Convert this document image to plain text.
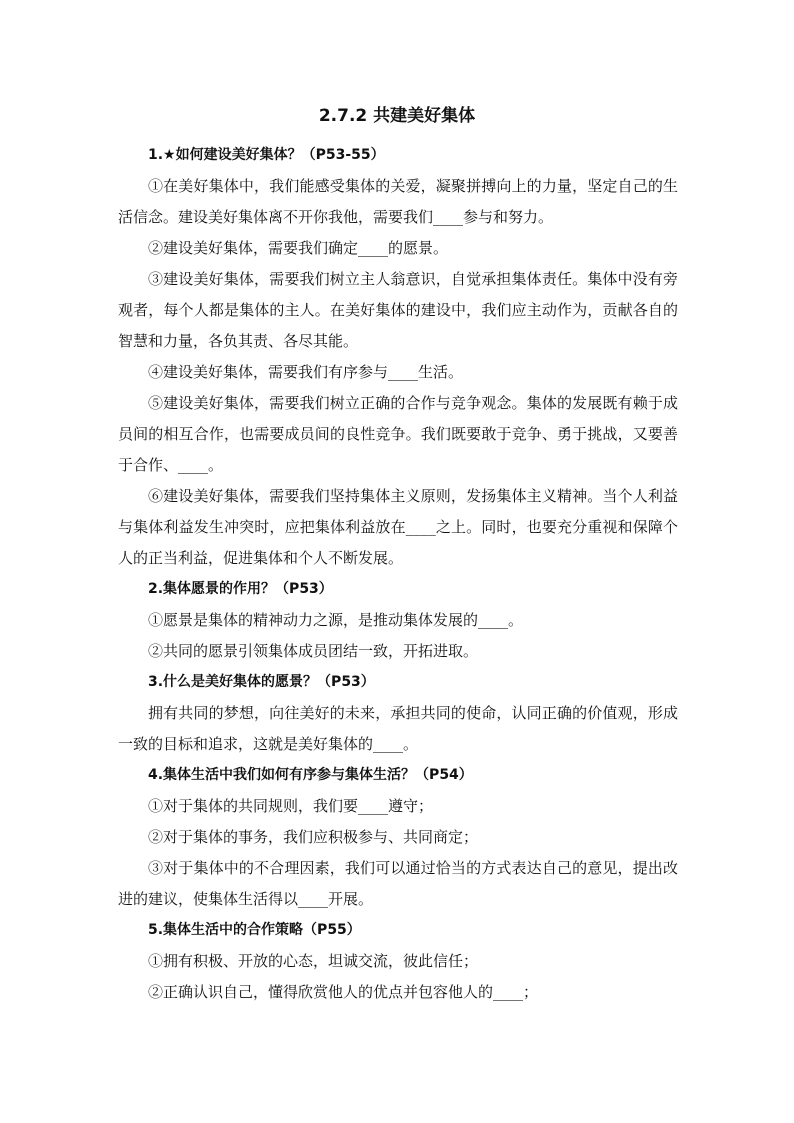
2.7.2 共建美好集体

1.★如何建设美好集体？（P53-55）

①在美好集体中，我们能感受集体的关爱，凝聚拼搏向上的力量，坚定自己的生活信念。建设美好集体离不开你我他，需要我们____参与和努力。

②建设美好集体，需要我们确定____的愿景。

③建设美好集体，需要我们树立主人翁意识，自觉承担集体责任。集体中没有旁观者，每个人都是集体的主人。在美好集体的建设中，我们应主动作为，贡献各自的智慧和力量，各负其责、各尽其能。

④建设美好集体，需要我们有序参与____生活。

⑤建设美好集体，需要我们树立正确的合作与竞争观念。集体的发展既有赖于成员间的相互合作，也需要成员间的良性竞争。我们既要敢于竞争、勇于挑战，又要善于合作、____。

⑥建设美好集体，需要我们坚持集体主义原则，发扬集体主义精神。当个人利益与集体利益发生冲突时，应把集体利益放在____之上。同时，也要充分重视和保障个人的正当利益，促进集体和个人不断发展。

2.集体愿景的作用？（P53）

①愿景是集体的精神动力之源，是推动集体发展的____。

②共同的愿景引领集体成员团结一致，开拓进取。

3.什么是美好集体的愿景？（P53）

拥有共同的梦想，向往美好的未来，承担共同的使命，认同正确的价值观，形成一致的目标和追求，这就是美好集体的____。

4.集体生活中我们如何有序参与集体生活？（P54）

①对于集体的共同规则，我们要____遵守；

②对于集体的事务，我们应积极参与、共同商定；

③对于集体中的不合理因素，我们可以通过恰当的方式表达自己的意见，提出改进的建议，使集体生活得以____开展。

5.集体生活中的合作策略（P55）

①拥有积极、开放的心态，坦诚交流，彼此信任；

②正确认识自己，懂得欣赏他人的优点并包容他人的____；
